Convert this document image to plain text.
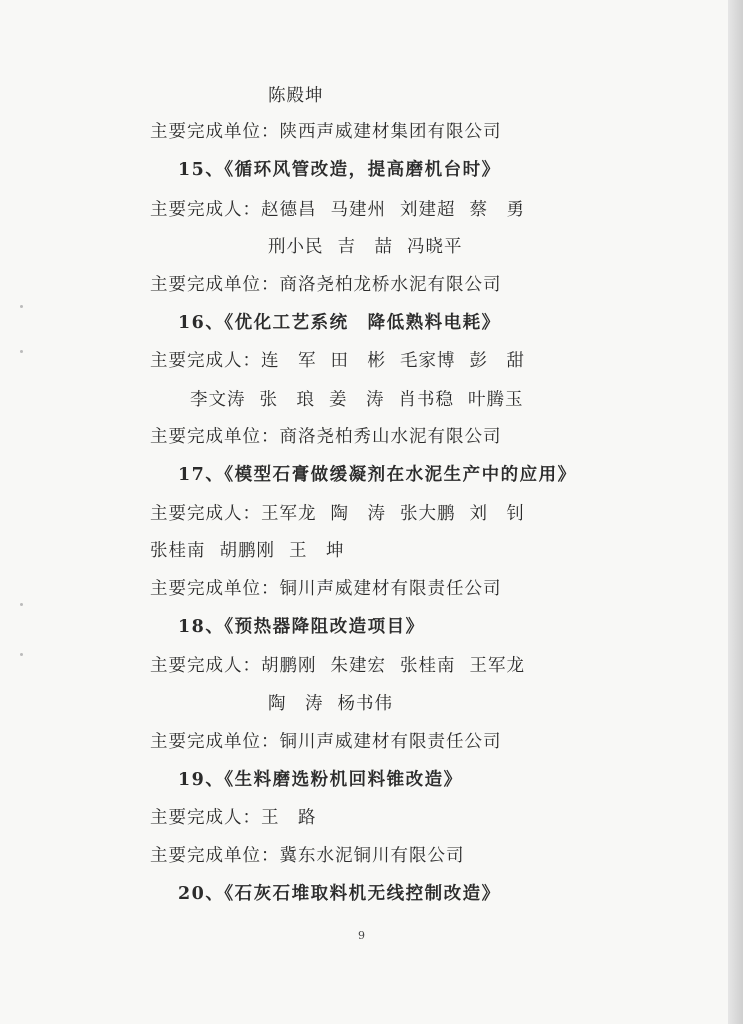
陈殿坤
主要完成单位：陕西声威建材集团有限公司
15、《循环风管改造，提高磨机台时》
主要完成人：赵德昌 马建州 刘建超 蔡　勇
刑小民 吉　喆 冯晓平
主要完成单位：商洛尧柏龙桥水泥有限公司
16、《优化工艺系统　降低熟料电耗》
主要完成人：连　军 田　彬 毛家博 彭　甜
李文涛 张　琅 姜　涛 肖书稳 叶腾玉
主要完成单位：商洛尧柏秀山水泥有限公司
17、《模型石膏做缓凝剂在水泥生产中的应用》
主要完成人：王军龙 陶　涛 张大鹏 刘　钊
张桂南 胡鹏刚 王　坤
主要完成单位：铜川声威建材有限责任公司
18、《预热器降阻改造项目》
主要完成人：胡鹏刚 朱建宏 张桂南 王军龙
陶　涛 杨书伟
主要完成单位：铜川声威建材有限责任公司
19、《生料磨选粉机回料锥改造》
主要完成人：王　路
主要完成单位：冀东水泥铜川有限公司
20、《石灰石堆取料机无线控制改造》
9
